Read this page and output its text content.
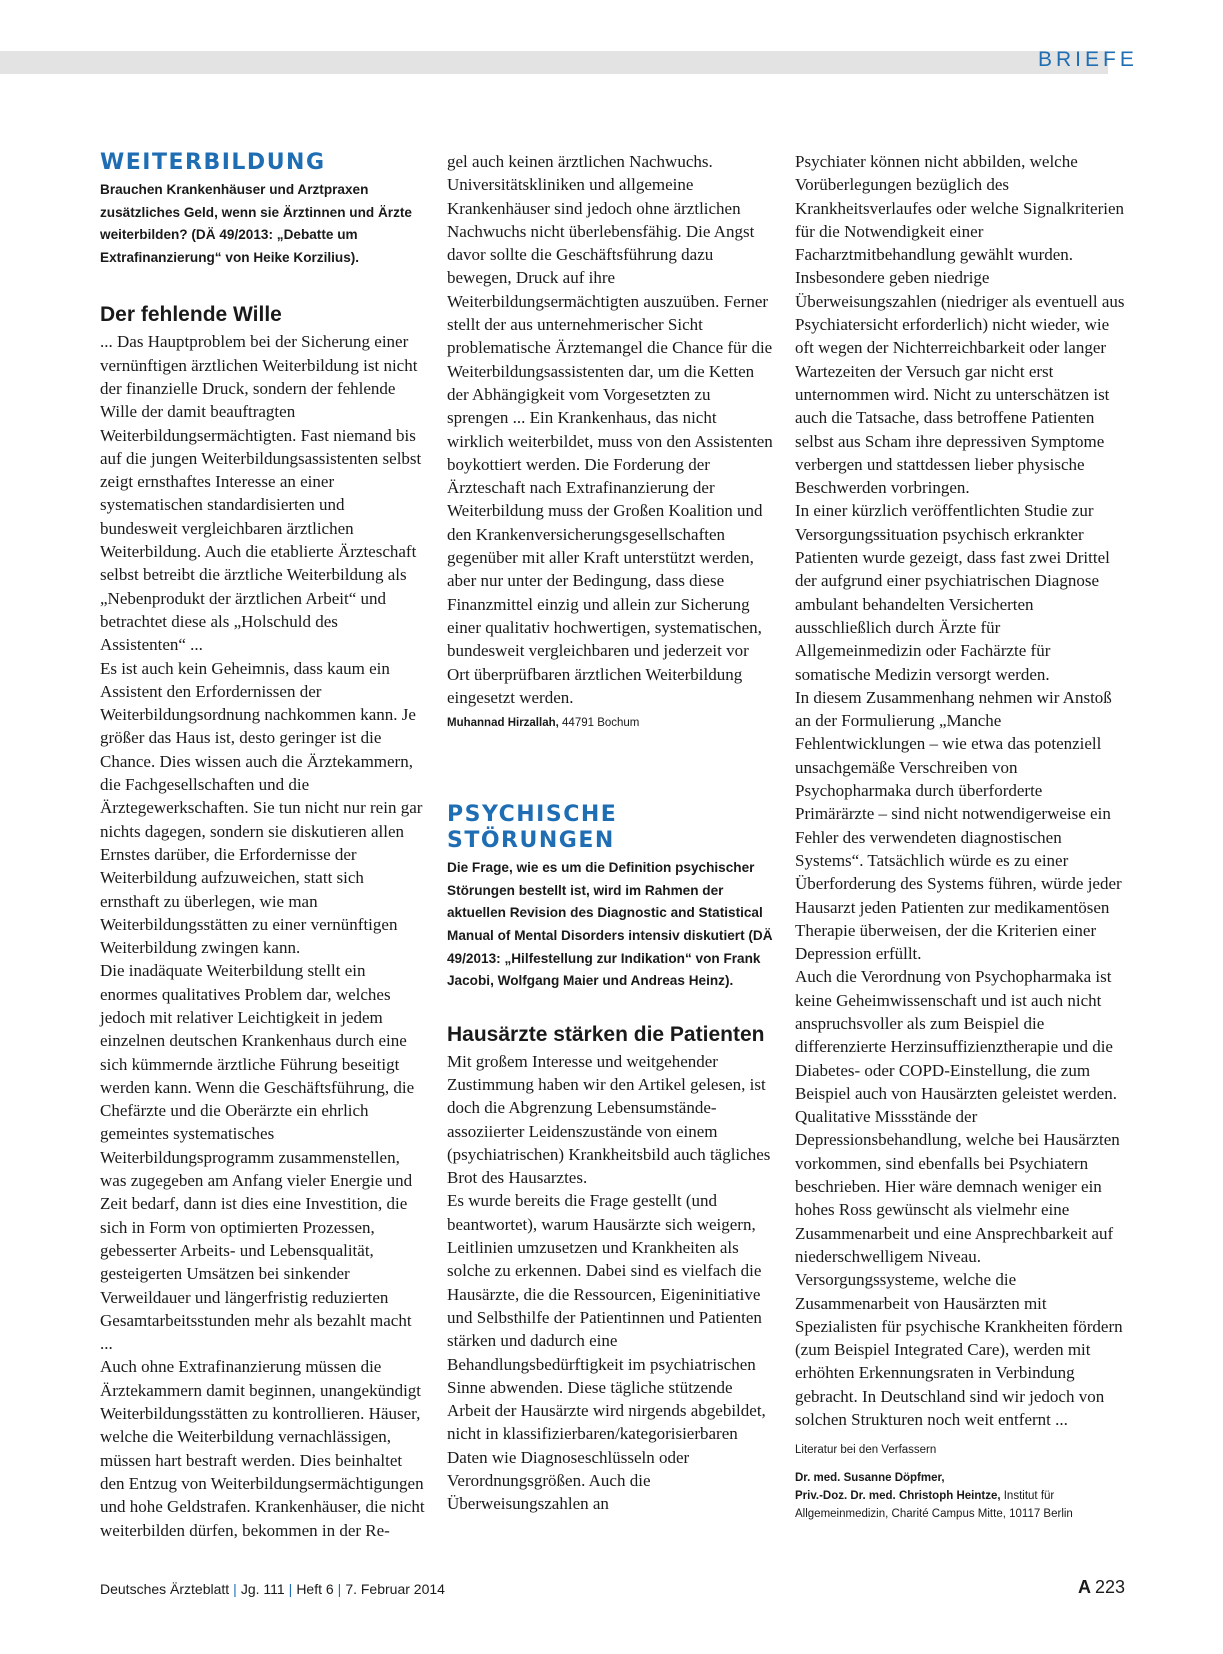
BRIEFE
WEITERBILDUNG

Brauchen Krankenhäuser und Arztpraxen zusätzliches Geld, wenn sie Ärztinnen und Ärzte weiterbilden? (DÄ 49/2013: „Debatte um Extrafinanzierung“ von Heike Korzilius).

Der fehlende Wille

... Das Hauptproblem bei der Sicherung einer vernünftigen ärztlichen Weiterbildung ist nicht der finanzielle Druck, sondern der fehlende Wille der damit beauftragten Weiterbildungsermächtigten. Fast niemand bis auf die jungen Weiterbildungsassistenten selbst zeigt ernsthaftes Interesse an einer systematischen standardisierten und bundesweit vergleichbaren ärztlichen Weiterbildung. Auch die etablierte Ärzteschaft selbst betreibt die ärztliche Weiterbildung als „Nebenprodukt der ärztlichen Arbeit“ und betrachtet diese als „Holschuld des Assistenten“ ...

Es ist auch kein Geheimnis, dass kaum ein Assistent den Erfordernissen der Weiterbildungsordnung nachkommen kann. Je größer das Haus ist, desto geringer ist die Chance. Dies wissen auch die Ärztekammern, die Fachgesellschaften und die Ärztegewerkschaften. Sie tun nicht nur rein gar nichts dagegen, sondern sie diskutieren allen Ernstes darüber, die Erfordernisse der Weiterbildung aufzuweichen, statt sich ernsthaft zu überlegen, wie man Weiterbildungsstätten zu einer vernünftigen Weiterbildung zwingen kann.

Die inadäquate Weiterbildung stellt ein enormes qualitatives Problem dar, welches jedoch mit relativer Leichtigkeit in jedem einzelnen deutschen Krankenhaus durch eine sich kümmernde ärztliche Führung beseitigt werden kann. Wenn die Geschäftsführung, die Chefärzte und die Oberärzte ein ehrlich gemeintes systematisches Weiterbildungsprogramm zusammenstellen, was zugegeben am Anfang vieler Energie und Zeit bedarf, dann ist dies eine Investition, die sich in Form von optimierten Prozessen, gebesserter Arbeits- und Lebensqualität, gesteigerten Umsätzen bei sinkender Verweildauer und längerfristig reduzierten Gesamtarbeitsstunden mehr als bezahlt macht ...

Auch ohne Extrafinanzierung müssen die Ärztekammern damit beginnen, unangekündigt Weiterbildungsstätten zu kontrollieren. Häuser, welche die Weiterbildung vernachlässigen, müssen hart bestraft werden. Dies beinhaltet den Entzug von Weiterbildungsermächtigungen und hohe Geldstrafen. Krankenhäuser, die nicht weiterbilden dürfen, bekommen in der Re-

gel auch keinen ärztlichen Nachwuchs. Universitätskliniken und allgemeine Krankenhäuser sind jedoch ohne ärztlichen Nachwuchs nicht überlebensfähig. Die Angst davor sollte die Geschäftsführung dazu bewegen, Druck auf ihre Weiterbildungsermächtigten auszuüben. Ferner stellt der aus unternehmerischer Sicht problematische Ärztemangel die Chance für die Weiterbildungsassistenten dar, um die Ketten der Abhängigkeit vom Vorgesetzten zu sprengen ... Ein Krankenhaus, das nicht wirklich weiterbildet, muss von den Assistenten boykottiert werden. Die Forderung der Ärzteschaft nach Extrafinanzierung der Weiterbildung muss der Großen Koalition und den Krankenversicherungsgesellschaften gegenüber mit aller Kraft unterstützt werden, aber nur unter der Bedingung, dass diese Finanzmittel einzig und allein zur Sicherung einer qualitativ hochwertigen, systematischen, bundesweit vergleichbaren und jederzeit vor Ort überprüfbaren ärztlichen Weiterbildung eingesetzt werden.

Muhannad Hirzallah, 44791 Bochum

PSYCHISCHE STÖRUNGEN

Die Frage, wie es um die Definition psychischer Störungen bestellt ist, wird im Rahmen der aktuellen Revision des Diagnostic and Statistical Manual of Mental Disorders intensiv diskutiert (DÄ 49/2013: „Hilfestellung zur Indikation“ von Frank Jacobi, Wolfgang Maier und Andreas Heinz).

Hausärzte stärken die Patienten

Mit großem Interesse und weitgehender Zustimmung haben wir den Artikel gelesen, ist doch die Abgrenzung Lebensumstände-assoziierter Leidenszustände von einem (psychiatrischen) Krankheitsbild auch tägliches Brot des Hausarztes.

Es wurde bereits die Frage gestellt (und beantwortet), warum Hausärzte sich weigern, Leitlinien umzusetzen und Krankheiten als solche zu erkennen. Dabei sind es vielfach die Hausärzte, die die Ressourcen, Eigeninitiative und Selbsthilfe der Patientinnen und Patienten stärken und dadurch eine Behandlungsbedürftigkeit im psychiatrischen Sinne abwenden. Diese tägliche stützende Arbeit der Hausärzte wird nirgends abgebildet, nicht in klassifizierbaren/kategorisierbaren Daten wie Diagnoseschlüsseln oder Verordnungsgrößen. Auch die Überweisungszahlen an

Psychiater können nicht abbilden, welche Vorüberlegungen bezüglich des Krankheitsverlaufes oder welche Signalkriterien für die Notwendigkeit einer Facharztmitbehandlung gewählt wurden. Insbesondere geben niedrige Überweisungszahlen (niedriger als eventuell aus Psychiatersicht erforderlich) nicht wieder, wie oft wegen der Nichterreichbarkeit oder langer Wartezeiten der Versuch gar nicht erst unternommen wird. Nicht zu unterschätzen ist auch die Tatsache, dass betroffene Patienten selbst aus Scham ihre depressiven Symptome verbergen und stattdessen lieber physische Beschwerden vorbringen.

In einer kürzlich veröffentlichten Studie zur Versorgungssituation psychisch erkrankter Patienten wurde gezeigt, dass fast zwei Drittel der aufgrund einer psychiatrischen Diagnose ambulant behandelten Versicherten ausschließlich durch Ärzte für Allgemeinmedizin oder Fachärzte für somatische Medizin versorgt werden.

In diesem Zusammenhang nehmen wir Anstoß an der Formulierung „Manche Fehlentwicklungen – wie etwa das potenziell unsachgemäße Verschreiben von Psychopharmaka durch überforderte Primärärzte – sind nicht notwendigerweise ein Fehler des verwendeten diagnostischen Systems“. Tatsächlich würde es zu einer Überforderung des Systems führen, würde jeder Hausarzt jeden Patienten zur medikamentösen Therapie überweisen, der die Kriterien einer Depression erfüllt.

Auch die Verordnung von Psychopharmaka ist keine Geheimwissenschaft und ist auch nicht anspruchsvoller als zum Beispiel die differenzierte Herzinsuffizienztherapie und die Diabetes- oder COPD-Einstellung, die zum Beispiel auch von Hausärzten geleistet werden.

Qualitative Missstände der Depressionsbehandlung, welche bei Hausärzten vorkommen, sind ebenfalls bei Psychiatern beschrieben. Hier wäre demnach weniger ein hohes Ross gewünscht als vielmehr eine Zusammenarbeit und eine Ansprechbarkeit auf niederschwelligem Niveau.

Versorgungssysteme, welche die Zusammenarbeit von Hausärzten mit Spezialisten für psychische Krankheiten fördern (zum Beispiel Integrated Care), werden mit erhöhten Erkennungsraten in Verbindung gebracht. In Deutschland sind wir jedoch von solchen Strukturen noch weit entfernt ...

Literatur bei den Verfassern

Dr. med. Susanne Döpfmer,
Priv.-Doz. Dr. med. Christoph Heintze, Institut für Allgemeinmedizin, Charité Campus Mitte, 10117 Berlin

Deutsches Ärzteblatt | Jg. 111 | Heft 6 | 7. Februar 2014	A 223
